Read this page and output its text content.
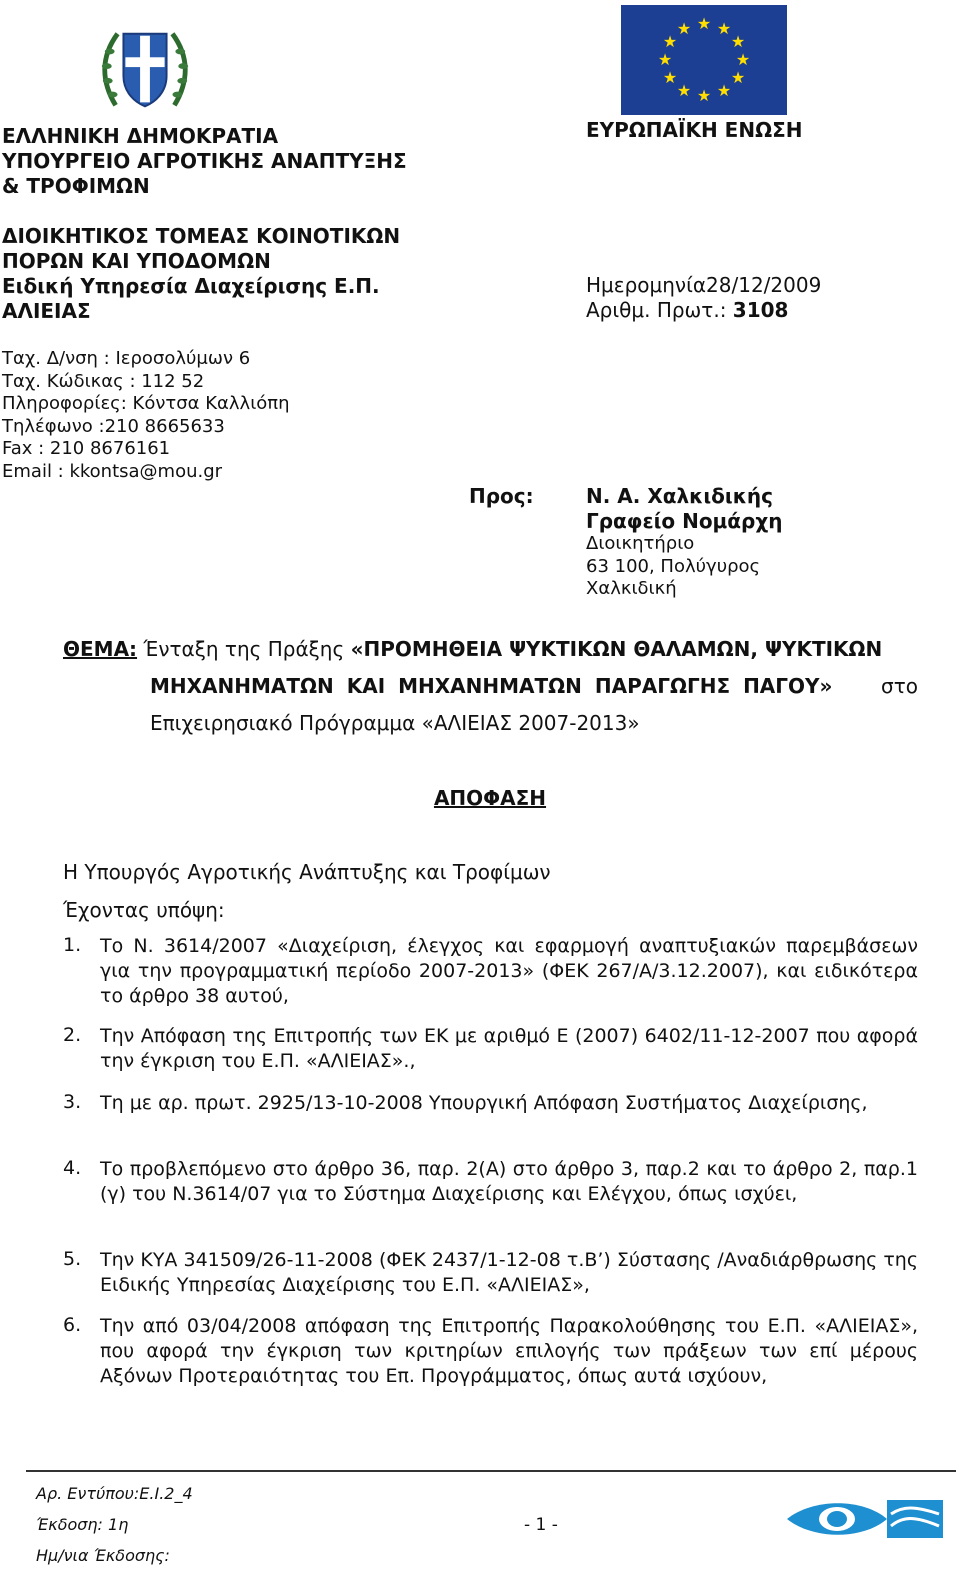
★ ★
★
★
★
★
★
★
★
★
★
★
ΕΛΛΗΝΙΚΗ ΔΗΜΟΚΡΑΤΙΑ
ΥΠΟΥΡΓΕΙΟ ΑΓΡΟΤΙΚΗΣ ΑΝΑΠΤΥΞΗΣ
& ΤΡΟΦΙΜΩΝ
ΕΥΡΩΠΑΪΚΗ ΕΝΩΣΗ
ΔΙΟΙΚΗΤΙΚΟΣ ΤΟΜΕΑΣ ΚΟΙΝΟΤΙΚΩΝ
ΠΟΡΩΝ ΚΑΙ ΥΠΟΔΟΜΩΝ
Ειδική Υπηρεσία Διαχείρισης Ε.Π.
ΑΛΙΕΙΑΣ
Ημερομηνία28/12/2009
Αριθμ. Πρωτ.: 3108
Ταχ. Δ/νση : Ιεροσολύμων 6
Ταχ. Κώδικας : 112 52
Πληροφορίες: Κόντσα Καλλιόπη
Τηλέφωνο :210 8665633
Fax : 210 8676161
Email : kkontsa@mou.gr
Προς:	Ν. Α. Χαλκιδικής
Γραφείο Νομάρχη
Διοικητήριο
63 100, Πολύγυρος
Χαλκιδική
ΘΕΜΑ: Ένταξη της Πράξης «ΠΡΟΜΗΘΕΙΑ ΨΥΚΤΙΚΩΝ ΘΑΛΑΜΩΝ, ΨΥΚΤΙΚΩΝ
ΜΗΧΑΝΗΜΑΤΩΝ ΚΑΙ ΜΗΧΑΝΗΜΑΤΩΝ ΠΑΡΑΓΩΓΗΣ ΠΑΓΟΥ» στο
Επιχειρησιακό Πρόγραμμα «ΑΛΙΕΙΑΣ 2007-2013»
ΑΠΟΦΑΣΗ
Η Υπουργός Αγροτικής Ανάπτυξης και Τροφίμων
Έχοντας υπόψη:
1. Το Ν. 3614/2007 «Διαχείριση, έλεγχος και εφαρμογή αναπτυξιακών παρεμβάσεων για την προγραμματική περίοδο 2007-2013» (ΦΕΚ 267/Α/3.12.2007), και ειδικότερα το άρθρο 38 αυτού,
2. Την Απόφαση της Επιτροπής των ΕΚ με αριθμό Ε (2007) 6402/11-12-2007 που αφορά την έγκριση του Ε.Π. «ΑΛΙΕΙΑΣ».,
3. Τη με αρ. πρωτ. 2925/13-10-2008 Υπουργική Απόφαση Συστήματος Διαχείρισης,
4. Το προβλεπόμενο στο άρθρο 36, παρ. 2(Α) στο άρθρο 3, παρ.2 και το άρθρο 2, παρ.1 (γ) του Ν.3614/07 για το Σύστημα Διαχείρισης και Ελέγχου, όπως ισχύει,
5. Την ΚΥΑ 341509/26-11-2008 (ΦΕΚ 2437/1-12-08 τ.Β’) Σύστασης /Αναδιάρθρωσης της Ειδικής Υπηρεσίας Διαχείρισης του Ε.Π. «ΑΛΙΕΙΑΣ»,
6. Την από 03/04/2008 απόφαση της Επιτροπής Παρακολούθησης του Ε.Π. «ΑΛΙΕΙΑΣ», που αφορά την έγκριση των κριτηρίων επιλογής των πράξεων των επί μέρους Αξόνων Προτεραιότητας του Επ. Προγράμματος, όπως αυτά ισχύουν,
Αρ. Εντύπου:Ε.Ι.2_4
Έκδοση: 1η
Ημ/νια Έκδοσης:
- 1 -
